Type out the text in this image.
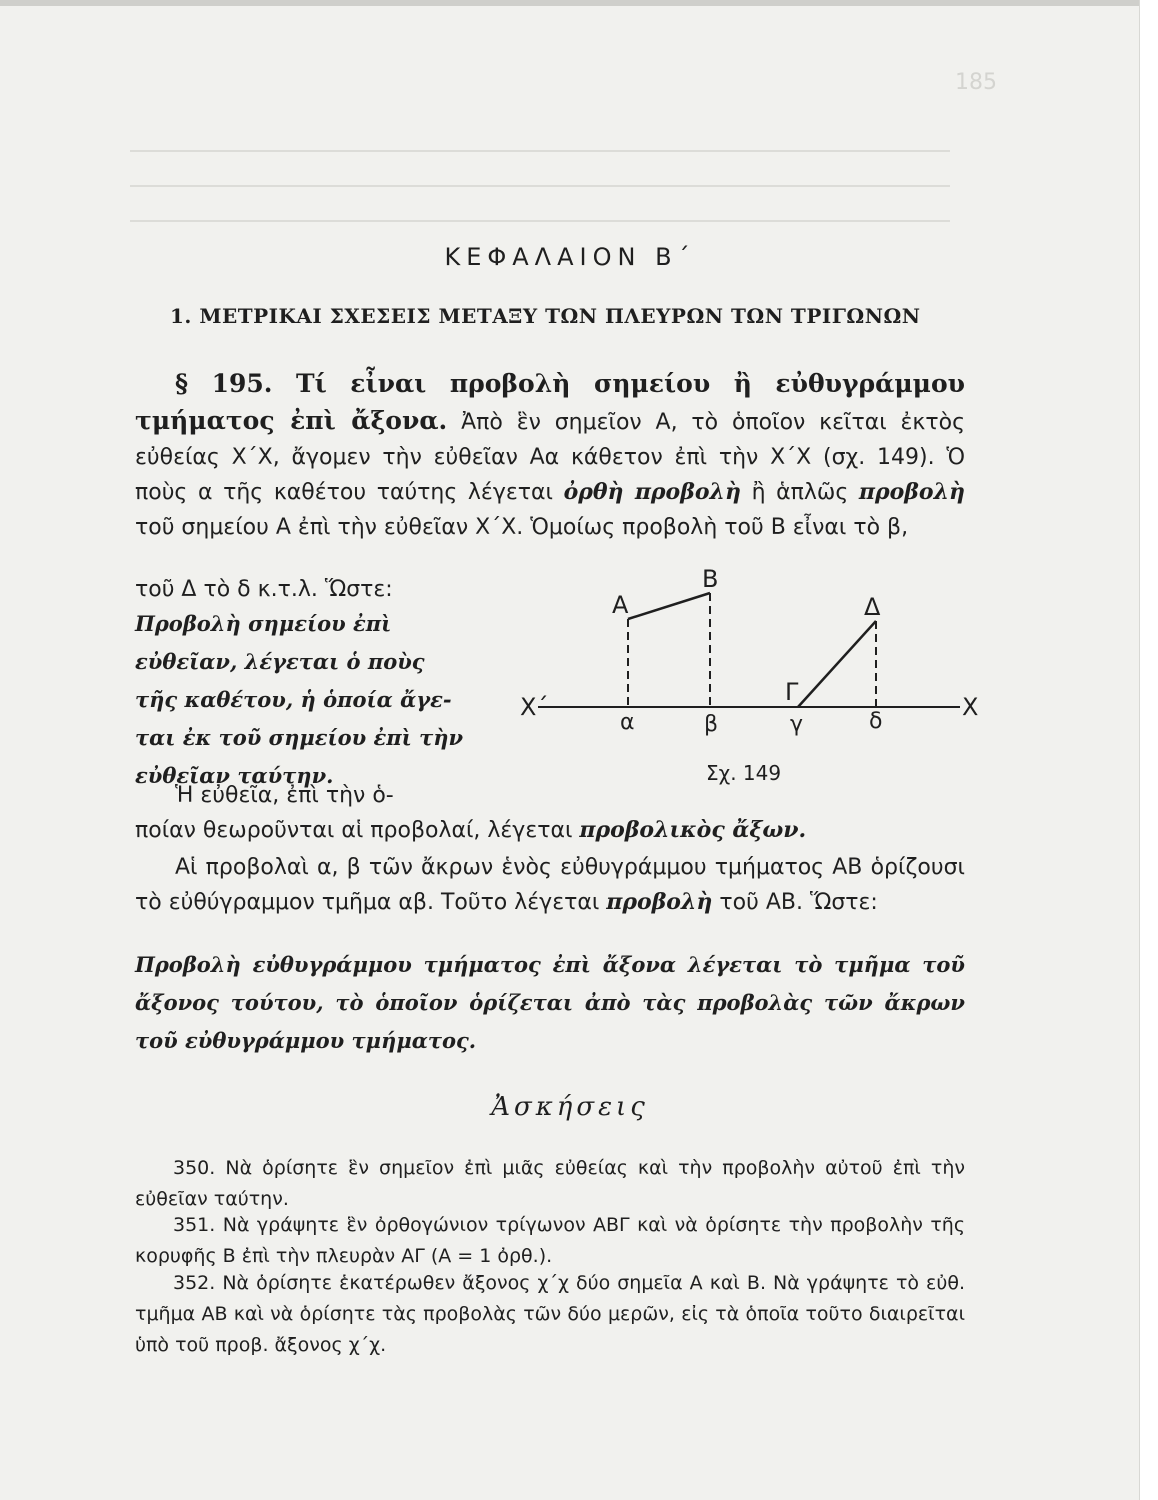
185
ΚΕΦΑΛΑΙΟΝ Β΄
1. ΜΕΤΡΙΚΑΙ ΣΧΕΣΕΙΣ ΜΕΤΑΞΥ ΤΩΝ ΠΛΕΥΡΩΝ ΤΩΝ ΤΡΙΓΩΝΩΝ
§ 195. Τί εἶναι προβολὴ σημείου ἢ εὐθυγράμμου τμήματος ἐπὶ ἄξονα. Ἀπὸ ἓν σημεῖον Α, τὸ ὁποῖον κεῖται ἐκτὸς εὐθείας Χ΄Χ, ἄγομεν τὴν εὐθεῖαν Αα κάθετον ἐπὶ τὴν Χ΄Χ (σχ. 149). Ὁ ποὺς α τῆς καθέτου ταύτης λέγεται ὀρθὴ προβολὴ ἢ ἁπλῶς προβολὴ τοῦ σημείου Α ἐπὶ τὴν εὐθεῖαν Χ΄Χ. Ὁμοίως προβολὴ τοῦ Β εἶναι τὸ β,
τοῦ Δ τὸ δ κ.τ.λ. Ὥστε:
Προβολὴ σημείου ἐπὶ
εὐθεῖαν, λέγεται ὁ ποὺς
τῆς καθέτου, ἡ ὁποία ἄγε-
ται ἐκ τοῦ σημείου ἐπὶ τὴν
εὐθεῖαν ταύτην.
Ἡ εὐθεῖα, ἐπὶ τὴν ὁ-
ποίαν θεωροῦνται αἱ προβολαί, λέγεται προβολικὸς ἄξων.
Αἱ προβολαὶ α, β τῶν ἄκρων ἑνὸς εὐθυγράμμου τμήματος ΑΒ ὁρίζουσι τὸ εὐθύγραμμον τμῆμα αβ. Τοῦτο λέγεται προβολὴ τοῦ ΑΒ. Ὥστε:
Προβολὴ εὐθυγράμμου τμήματος ἐπὶ ἄξονα λέγεται τὸ τμῆμα τοῦ ἄξονος τούτου, τὸ ὁποῖον ὁρίζεται ἀπὸ τὰς προβολὰς τῶν ἄκρων τοῦ εὐθυγράμμου τμήματος.
Ἀσκήσεις
350. Νὰ ὁρίσητε ἓν σημεῖον ἐπὶ μιᾶς εὐθείας καὶ τὴν προβολὴν αὐτοῦ ἐπὶ τὴν εὐθεῖαν ταύτην.
351. Νὰ γράψητε ἓν ὀρθογώνιον τρίγωνον ΑΒΓ καὶ νὰ ὁρίσητε τὴν προβολὴν τῆς κορυφῆς Β ἐπὶ τὴν πλευρὰν ΑΓ (Α = 1 ὀρθ.).
352. Νὰ ὁρίσητε ἑκατέρωθεν ἄξονος χ΄χ δύο σημεῖα Α καὶ Β. Νὰ γράψητε τὸ εὐθ. τμῆμα ΑΒ καὶ νὰ ὁρίσητε τὰς προβολὰς τῶν δύο μερῶν, εἰς τὰ ὁποῖα τοῦτο διαιρεῖται ὑπὸ τοῦ προβ. ἄξονος χ΄χ.
Α
Β
Γ
Δ
α	β	γ	δ
Χ΄	Χ
Σχ. 149
